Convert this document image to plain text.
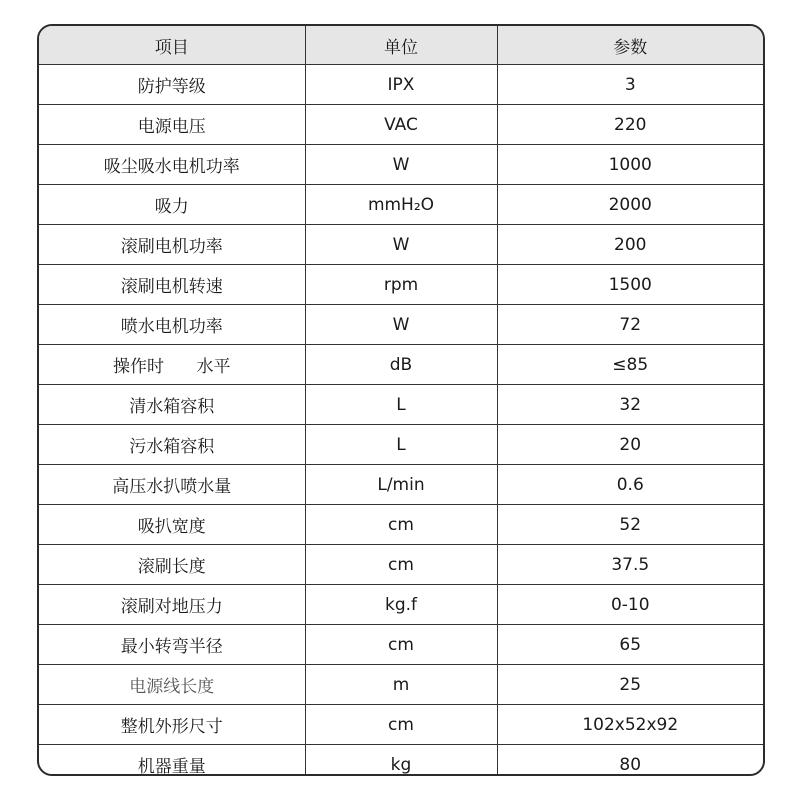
项目	单位	参数
防护等级	IPX	3
电源电压	VAC	220
吸尘吸水电机功率	W	1000
吸力	mmH₂O	2000
滚刷电机功率	W	200
滚刷电机转速	rpm	1500
喷水电机功率	W	72
操作时      水平	dB	≤85
清水箱容积	L	32
污水箱容积	L	20
高压水扒喷水量	L/min	0.6
吸扒宽度	cm	52
滚刷长度	cm	37.5
滚刷对地压力	kg.f	0-10
最小转弯半径	cm	65
电源线长度	m	25
整机外形尺寸	cm	102x52x92
机器重量	kg	80
